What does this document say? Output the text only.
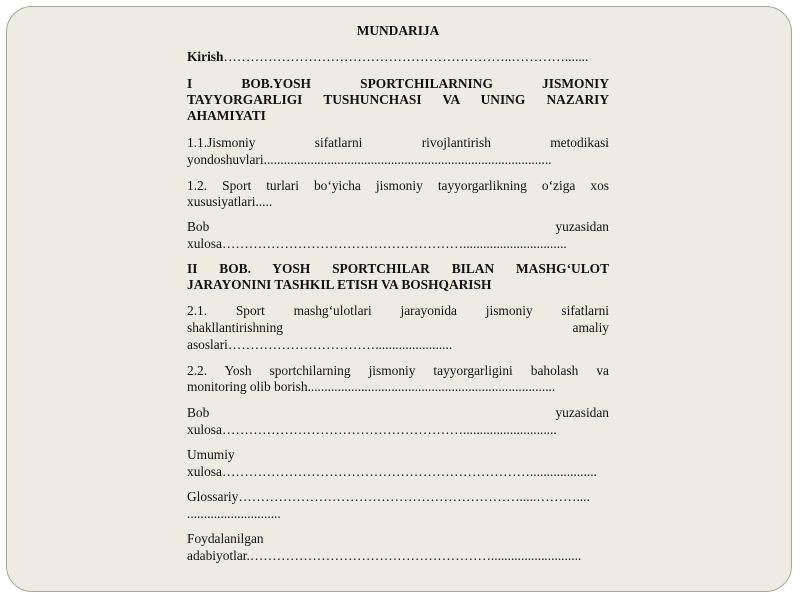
MUNDARIJA
Kirish………………………………………………………..………….......
I BOB.YOSH SPORTCHILARNING JISMONIY
TAYYORGARLIGI TUSHUNCHASI VA UNING NAZARIY
AHAMIYATI
1.1.Jismoniy sifatlarni rivojlantirish metodikasi
yondoshuvlari......................................................................................
1.2. Sport turlari bo‘yicha jismoniy tayyorgarlikning o‘ziga xos
xususiyatlari.....
Bob yuzasidan
xulosa………………………………………………...............................
II BOB. YOSH SPORTCHILAR BILAN MASHG‘ULOT
JARAYONINI TASHKIL ETISH VA BOSHQARISH
2.1. Sport mashg‘ulotlari jarayonida jismoniy sifatlarni
shakllantirishning amaliy
asoslari…………………………….......................
2.2. Yosh sportchilarning jismoniy tayyorgarligini baholash va
monitoring olib borish..........................................................................
Bob yuzasidan
xulosa………………………………………………............................
Umumiy
xulosa……………………………………………………………....................
Glossariy……………………………………………………….....………....
............................
Foydalanilgan
adabiyotlar.………………………………………………...........................
